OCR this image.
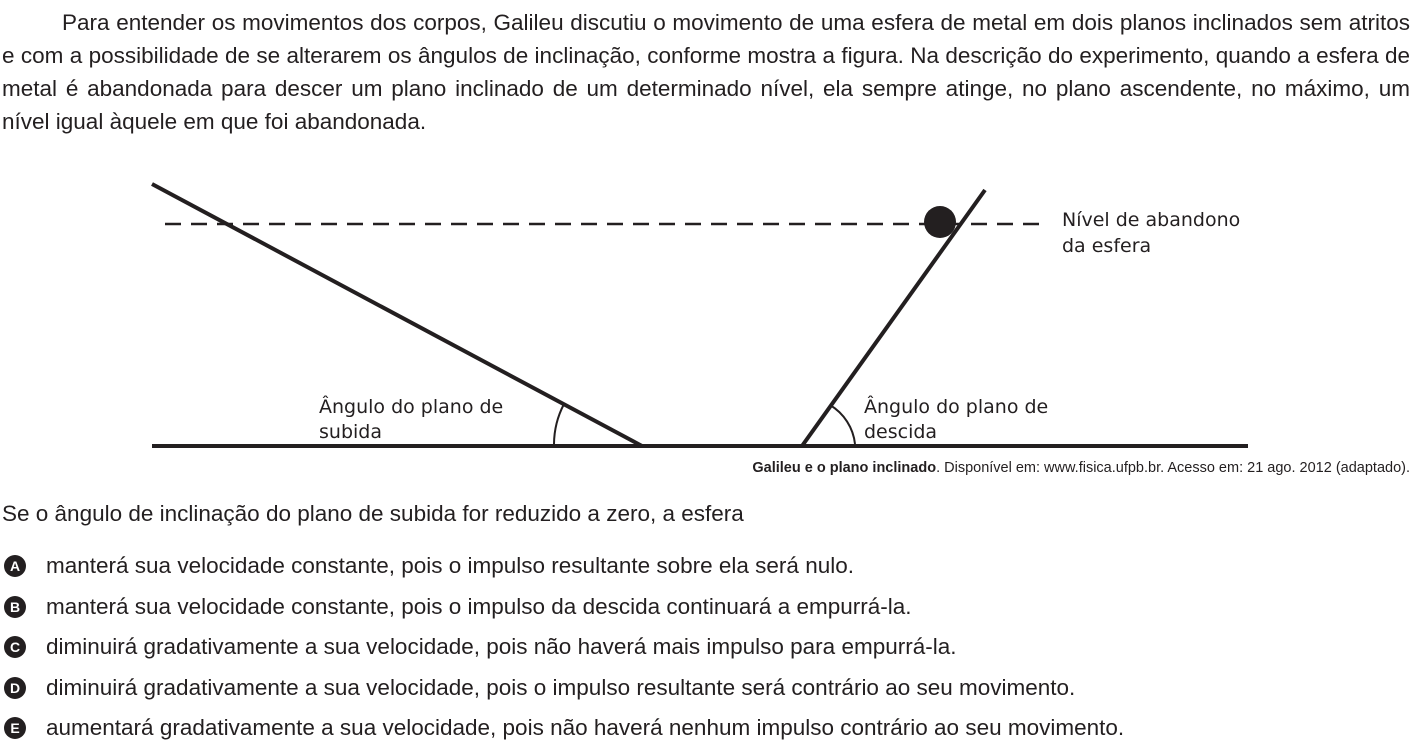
Para entender os movimentos dos corpos, Galileu discutiu o movimento de uma esfera de metal em dois planos inclinados sem atritos e com a possibilidade de se alterarem os ângulos de inclinação, conforme mostra a figura. Na descrição do experimento, quando a esfera de metal é abandonada para descer um plano inclinado de um determinado nível, ela sempre atinge, no plano ascendente, no máximo, um nível igual àquele em que foi abandonada.

Nível de abandono da esfera
Ângulo do plano de subida
Ângulo do plano de descida
Galileu e o plano inclinado. Disponível em: www.fisica.ufpb.br. Acesso em: 21 ago. 2012 (adaptado).

Se o ângulo de inclinação do plano de subida for reduzido a zero, a esfera

A manterá sua velocidade constante, pois o impulso resultante sobre ela será nulo.
B manterá sua velocidade constante, pois o impulso da descida continuará a empurrá-la.
C diminuirá gradativamente a sua velocidade, pois não haverá mais impulso para empurrá-la.
D diminuirá gradativamente a sua velocidade, pois o impulso resultante será contrário ao seu movimento.
E aumentará gradativamente a sua velocidade, pois não haverá nenhum impulso contrário ao seu movimento.
